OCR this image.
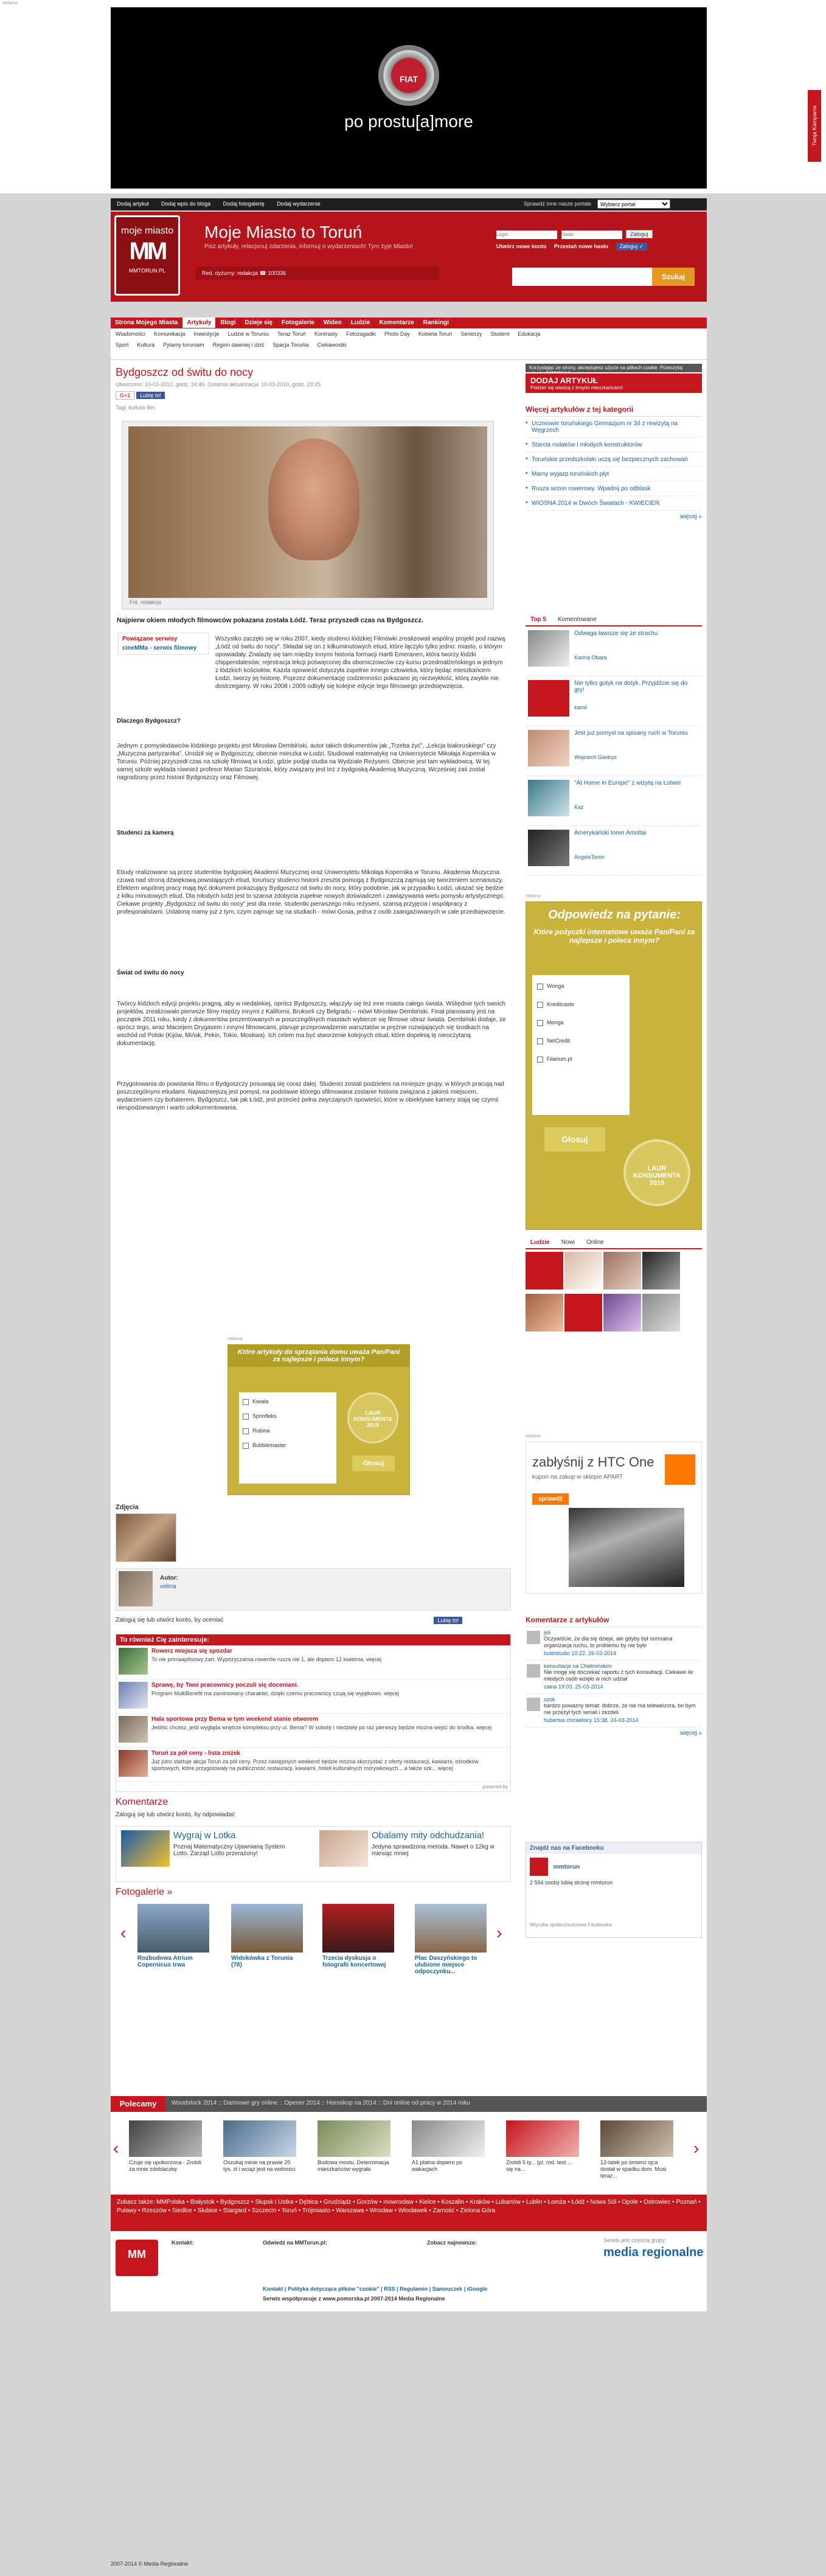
reklama
FIAT
po prostu[a]more	Twoja Kampania
Dodaj artykuł Dodaj wpis do bloga Dodaj fotogalerię Dodaj wydarzenie	Sprawdź inne nasze portale
Wybierz portal
moje miasto
MM
MMTORUN.PL
Moje Miasto to Toruń
Pisz artykuły, relacjonuj zdarzenia, informuj o wydarzeniach! Tym żyje Miasto!
Red. dyżurny: redakcja ☎ 100336
Login Hasło Zaloguj
Utwórz nowe konto Przestań nowe hasło Zaloguj ✓
Szukaj
Strona Mojego Miasta Artykuły Blogi Dzieje się Fotogalerie Wideo Ludzie Komentarze Rankingi
Wiadomości Komunikacja Inwestycje Ludzie w Toruniu Teraz Toruń Kontrasty Fotozagadki Photo Day Kobieta Toruń Seniorzy Student Edukacja
Sport Kultura Pytamy toruniam Region dawniej i dziś Spacja Toruńia Ciekawostki
Bydgoszcz od świtu do nocy
Utworzono: 10-03-2010, godz. 16:46. Ostatnia aktualizacja: 10-03-2010, godz. 23:25
G+1 Lubię to!
Tagi: kultura film
Fot. redakcja
Najpierw okiem młodych filmowców pokazana została Łódź. Teraz przyszedł czas na Bydgoszcz.
Powiązane serwisy
cineMMa - serwis filmowy
Wszystko zaczęło się w roku 2007, kiedy studenci łódzkiej Filmówki zrealizowali wspólny projekt pod nazwą „Łódź od świtu do nocy”. Składał się on z kilkuminutowych etiud, które łączyło tylko jedno: miasto, o którym opowiadały. Znalazły się tam między innymi historia formacji Hartli Emeranen, która tworzy łódzki chippendalesów; rejestracja lekcji poświęconej dla oborniczowców czy kursu przedmałżeńskiego w jednym z łódzkich kościołów. Każda opowieść dotyczyła zupełnie innego człowieka, który będąc mieszkańcem Łodzi, tworzy jej historię. Poprzez dokumentację codzienności pokazano jej niezwykłość, którą zwykle nie dostrzegamy. W roku 2008 i 2009 odbyły się kolejne edycje tego filmowego przedsięwzięcia.
Dlaczego Bydgoszcz?
Jednym z pomysłodawców łódzkiego projektu jest Mirosław Dembiński, autor takich dokumentów jak „Trzeba żyć”, „Lekcja białoruskiego” czy „Muzyczna partyzantka”. Urodził się w Bydgoszczy, obecnie mieszka w Łodzi. Studiował matematykę na Uniwersytecie Mikołaja Kopernika w Toruniu. Później przyszedł czas na szkołę filmową w Łodzi, gdzie podjął studia na Wydziale Reżyserii. Obecnie jest tam wykładowcą. W tej samej szkole wykłada również profesor Marian Szurański, który związany jest też z bydgoską Akademią Muzyczną. Wcześniej zaś został nagrodzony przez historii Bydgoszczy oraz Filmowej.
Studenci za kamerą
Etiudy realizowane są przez studentów bydgoskiej Akademii Muzycznej oraz Uniwersytetu Mikołaja Kopernika w Toruniu. Akademia Muzyczna czuwa nad stroną dźwiękową powstających etiud, toruńscy studenci historii zreszta pomogą z Bydgoszczą zajmują się tworzeniem scenariuszy. Efektem wspólnej pracy mają być dokument pokazujący Bydgoszcz od świtu do nocy, który podobnie, jak w przypadku Łodzi, ukazać się będzie z kilku minutowych etiud. Dla młodych ludzi jest to szansa zdobycia zupełnie nowych doświadczeń i zawiązywania wielu pomysłu artystycznego. Ciekawe projekty „Bydgoszcz od świtu do nocy” jest dla mnie. studentki pierwszego roku reżyserii, szansą przyjęcia i współpracy z profesjonalistami. Ustaloną mamy już z tym, czym zajmuje się na studiach - mówi Gosia, jedna z osób zaangażowanych w cale przedsięwzięcie.
Świat od świtu do nocy
Twórcy łódzkich edycji projektu pragną, aby w niedalekiej, oprócz Bydgoszczy, włączyły się też inne miasta całego świata. Wśliędnie tych swoich projektów, zrealizowało pierwsze filmy między innymi z Kalifornii, Brukseli czy Belgradu – mówi Mirosław Dembiński. Finał planowany jest na początek 2011 roku, kiedy z dokumentów prezentowanych w poszczególnych miastach wybierze się filmowe obraz świata. Dembiński dodaje, że oprócz tego, wraz Maciejem Drygasem i innymi filmowcami, planuje przeprowadzenie warsztatów w prężnie rozwijających się środkach na wschód od Polski (Kijów, Mińsk, Pekin, Tokio, Moskwa). Ich celem ma być stworzenie kolejnych etiud, które dopełnią tę nieoczytaną dokumentację.
Przygotowania do powstania filmu o Bydgoszczy posuwają się coraz dalej. Studenci zostali podzieleni na mniejsze grupy, w których pracują nad poszczególnymi etiudami. Najważniejszą jest pomysł, na podstawie którego sfilmowana zostanie historia związana z jakimś miejscem, wydarzeniem czy bohaterem. Bydgoszcz, tak jak Łódź, jest przecież pełna zwyczajnych opowieści, które w obiektywie kamery stają się czymś niespodziewanym i warto udokumentowania.
reklama
Które artykuły do sprzątania domu uważa Pan/Pani za najlepsze i poleca innym?
Kiwala
Sprinfleks
Rubina
Bubblemaster
LAUR KONSUMENTA 2015
Głosuj
Zdjęcia
Autor:
velma
Zaloguj się lub utwórz konto, by oceniać	Lubię to!
To również Cię zainteresuje:
Rowerz miejsca się spozdar
To nie primaapilisowy żart. Wypożyczalnia rowerów rusza nie 1, ale dopiero 12 kwietnia. więcej
Sprawę, by Twoi pracownicy poczuli się doceniani.
Program MultiBenefit ma zaminowany charakter, dzięki czemu pracownicy czują się wyjątkowo. więcej
Hala sportowa przy Bema w tym weekend stanie otworem
Jeśliśc chcesz, jeśli wygląda wnętrze kompleksu przy ul. Bema? W sobotę i niedzielę po raz pierwszy będzie można wejść do środka. więcej
Toruń za pół ceny - lista zniżek
Już jutro startuje akcja Toruń za pół ceny. Przez następnych weekend będzie można skorzystać z oferty restauracji, kawiarni, ośrodków sportowych, które przygotowały na publiczność restauracji, kawiarni, hoteli kulturalnych rozrywkowych... a także szk... więcej
powered by
Komentarze
Zaloguj się lub utwórz konto, by odpowiadać
Wygraj w Lotka
Poznaj Matematyczny Ujawnianą System Lotto. Zarząd Lotto przerażony!
Obalamy mity odchudzania!
Jedyna sprawdzona metoda. Nawet o 12kg w miesiąc mniej
Fotogalerie »
Rozbudowa Atrium Copernicus trwa
Widokówka z Torunia (78)
Trzecia dyskusja o fotografii koncertowej
Plac Daszyńskiego to ulubione miejsce odpoczynku...
‹	›
Korzystając ze strony, akceptujesz użycie na plikach cookie. Przeczytaj
DODAJ ARTYKUŁ
Podziel się wiedzą z innymi mieszkańcami!
Więcej artykułów z tej kategorii
• Uczniowie toruńskiego Gimnazjum nr 34 z rewizytą na Węgrzech
• Starcia rodaków i młodych konstruktorów
• Toruńskie przedszkolaki uczą się bezpiecznych zachowań
• Mamy wyjazp toruńskich płyt
• Rusza sezon rowerowy. Wpadnij po odblask
• WIOSNA 2014 w Dwóch Światach - KWIECIEŃ
więcej »
Top 5 Komentowane
Odwaga ławisze się ze strachu
Karina Obara
Nie tylko gotyk na dotyk. Przyjdźcie się do gry!
kamil
Jest już pomysł na spisany ruch w Toruniu
Wojciech Giedrys
"At Home in Europe" z wizytą na Łotwie
Kaz
Amerykański toner Amoltai
AngelsToron
reklama
Odpowiedz na pytanie:
Które pożyczki internetowe uważa Pan/Pani za najlepsze i poleca innym?
Wonga
Kreditcaste
Monga
NetCredit
Filarium.pl
Głosuj
LAUR KONSUMENTA 2015
Ludzie Nowi Online

reklama
zabłyśnij z HTC One
kupon na zakup w sklepie APART
sprawdź
Komentarze z artykułów
jeli
Oczywiście, że dla się dzieje, ale gdyby był normalna organizacja ruchu, to problemu by nie było
buleistudio 10:22, 26-03-2014
konsultacje na Chełmińskim
Nie mogę się doczekać raportu z tych konsultacji. Ciekawe ile młodych osób wzięło w nich udział
zaina 19:03, 25-03-2014
szok
bardzo powazny temat: dobrze, że nie ma teleweizora, bo bym nie przeżył tych seriali i zezdeli
hubertus chmielnicy 15:38, 24-03-2014
więcej »
Znajdź nas na Facebooku
mmtorun
2 594 osoby lubią stronę mmtorun
Wtyczka społecznościowa Facebooka
Polecamy	Woodstock 2014 :: Darmowe gry online :: Opener 2014 :: Horoskop na 2014 :: Dni online od pracy w 2014 roku
‹
Czuje się upokorzona - Zrobili za mnie zdobiaczkę
Oszukaj minie na prawie 20 tys. zł i wciąż jest na wolności
Budowa mostu. Determinacja mieszkańców wygrała
A1 platna dopiero po wakacjach
Zrobili 5 ty... (pl. rod. test ... się na...
12-latek po śmierci ojca dostał w spadku dom. Musi teraz...
›
Zobacz także: MMPolska • Białystok • Bydgoszcz • Słupsk i Ustka • Dębica • Grudziądz • Gorzów • Inowrocław • Kielce • Koszalin • Kraków • Lubartów • Lublin • Łomża • Łódź • Nowa Sól • Opole • Ostrowiec • Poznań • Puławy • Rzeszów • Siedlce • Słubice • Stargard • Szczecin • Toruń • Trójmiasto • Warszawa • Wrocław • Włocławek • Zamość • Zielona Góra
MM
Kontakt:	Odwiedź na MMTorun.pl:	Zobacz najnowsze:	Serwis jest częścią grupy:
media regionalne
Kontakt | Polityka dotycząca plików "cookie" | RSS | Regulamin | Samouczek | iGoogle
Serwis współpracuje z www.pomorska.pl 2007-2014 Media Regionalne
2007-2014 © Media Regionalne
